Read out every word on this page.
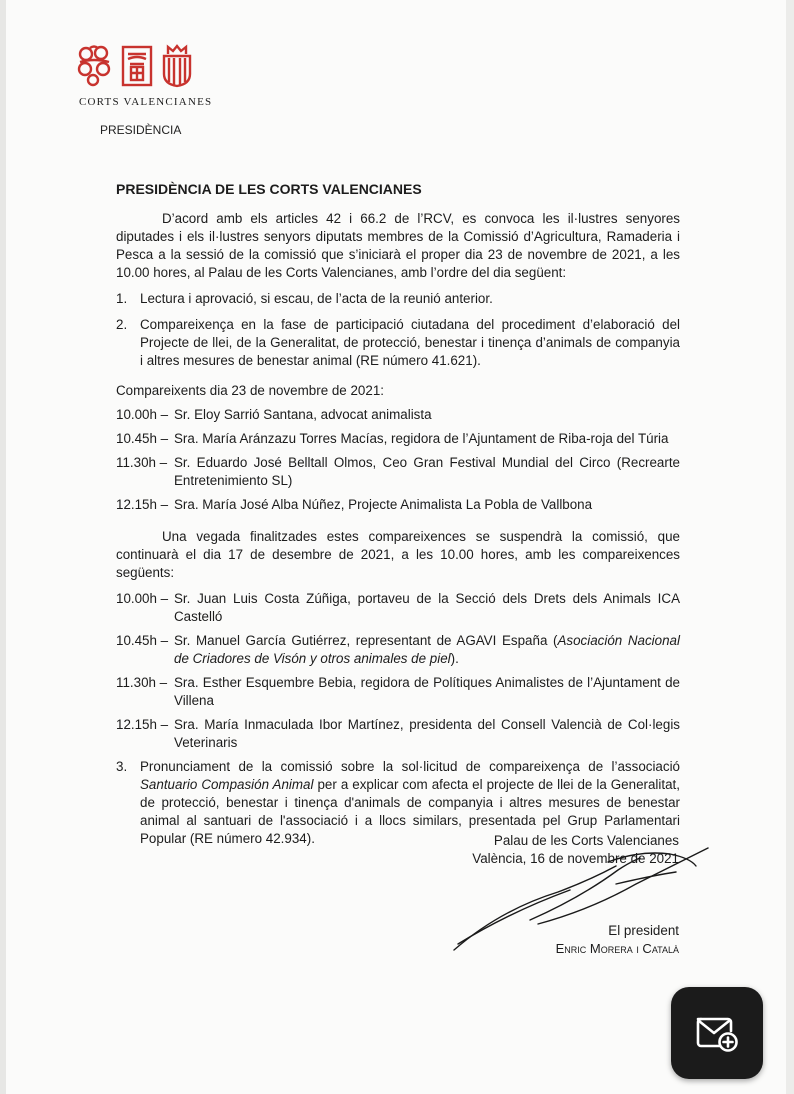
CORTS VALENCIANES
PRESIDÈNCIA
PRESIDÈNCIA DE LES CORTS VALENCIANES

D’acord amb els articles 42 i 66.2 de l’RCV, es convoca les il·lustres senyores diputades i els il·lustres senyors diputats membres de la Comissió d’Agricultura, Ramaderia i Pesca a la sessió de la comissió que s’iniciarà el proper dia 23 de novembre de 2021, a les 10.00 hores, al Palau de les Corts Valencianes, amb l’ordre del dia següent:

1. Lectura i aprovació, si escau, de l’acta de la reunió anterior.
2. Compareixença en la fase de participació ciutadana del procediment d’elaboració del Projecte de llei, de la Generalitat, de protecció, benestar i tinença d’animals de companyia i altres mesures de benestar animal (RE número 41.621).
Compareixents dia 23 de novembre de 2021:
10.00h – Sr. Eloy Sarrió Santana, advocat animalista
10.45h – Sra. María Aránzazu Torres Macías, regidora de l’Ajuntament de Riba-roja del Túria
11.30h – Sr. Eduardo José Belltall Olmos, Ceo Gran Festival Mundial del Circo (Recrearte Entretenimiento SL)
12.15h – Sra. María José Alba Núñez, Projecte Animalista La Pobla de Vallbona

Una vegada finalitzades estes compareixences se suspendrà la comissió, que continuarà el dia 17 de desembre de 2021, a les 10.00 hores, amb les compareixences següents:

10.00h – Sr. Juan Luis Costa Zúñiga, portaveu de la Secció dels Drets dels Animals ICA Castelló
10.45h – Sr. Manuel García Gutiérrez, representant de AGAVI España (Asociación Nacional de Criadores de Visón y otros animales de piel).
11.30h – Sra. Esther Esquembre Bebia, regidora de Polítiques Animalistes de l’Ajuntament de Villena
12.15h – Sra. María Inmaculada Ibor Martínez, presidenta del Consell Valencià de Col·legis Veterinaris
3. Pronunciament de la comissió sobre la sol·licitud de compareixença de l’associació Santuario Compasión Animal per a explicar com afecta el projecte de llei de la Generalitat, de protecció, benestar i tinença d'animals de companyia i altres mesures de benestar animal al santuari de l'associació i a llocs similars, presentada pel Grup Parlamentari Popular (RE número 42.934).	Palau de les Corts Valencianes
València, 16 de novembre de 2021
El president
Enric Morera i Català
